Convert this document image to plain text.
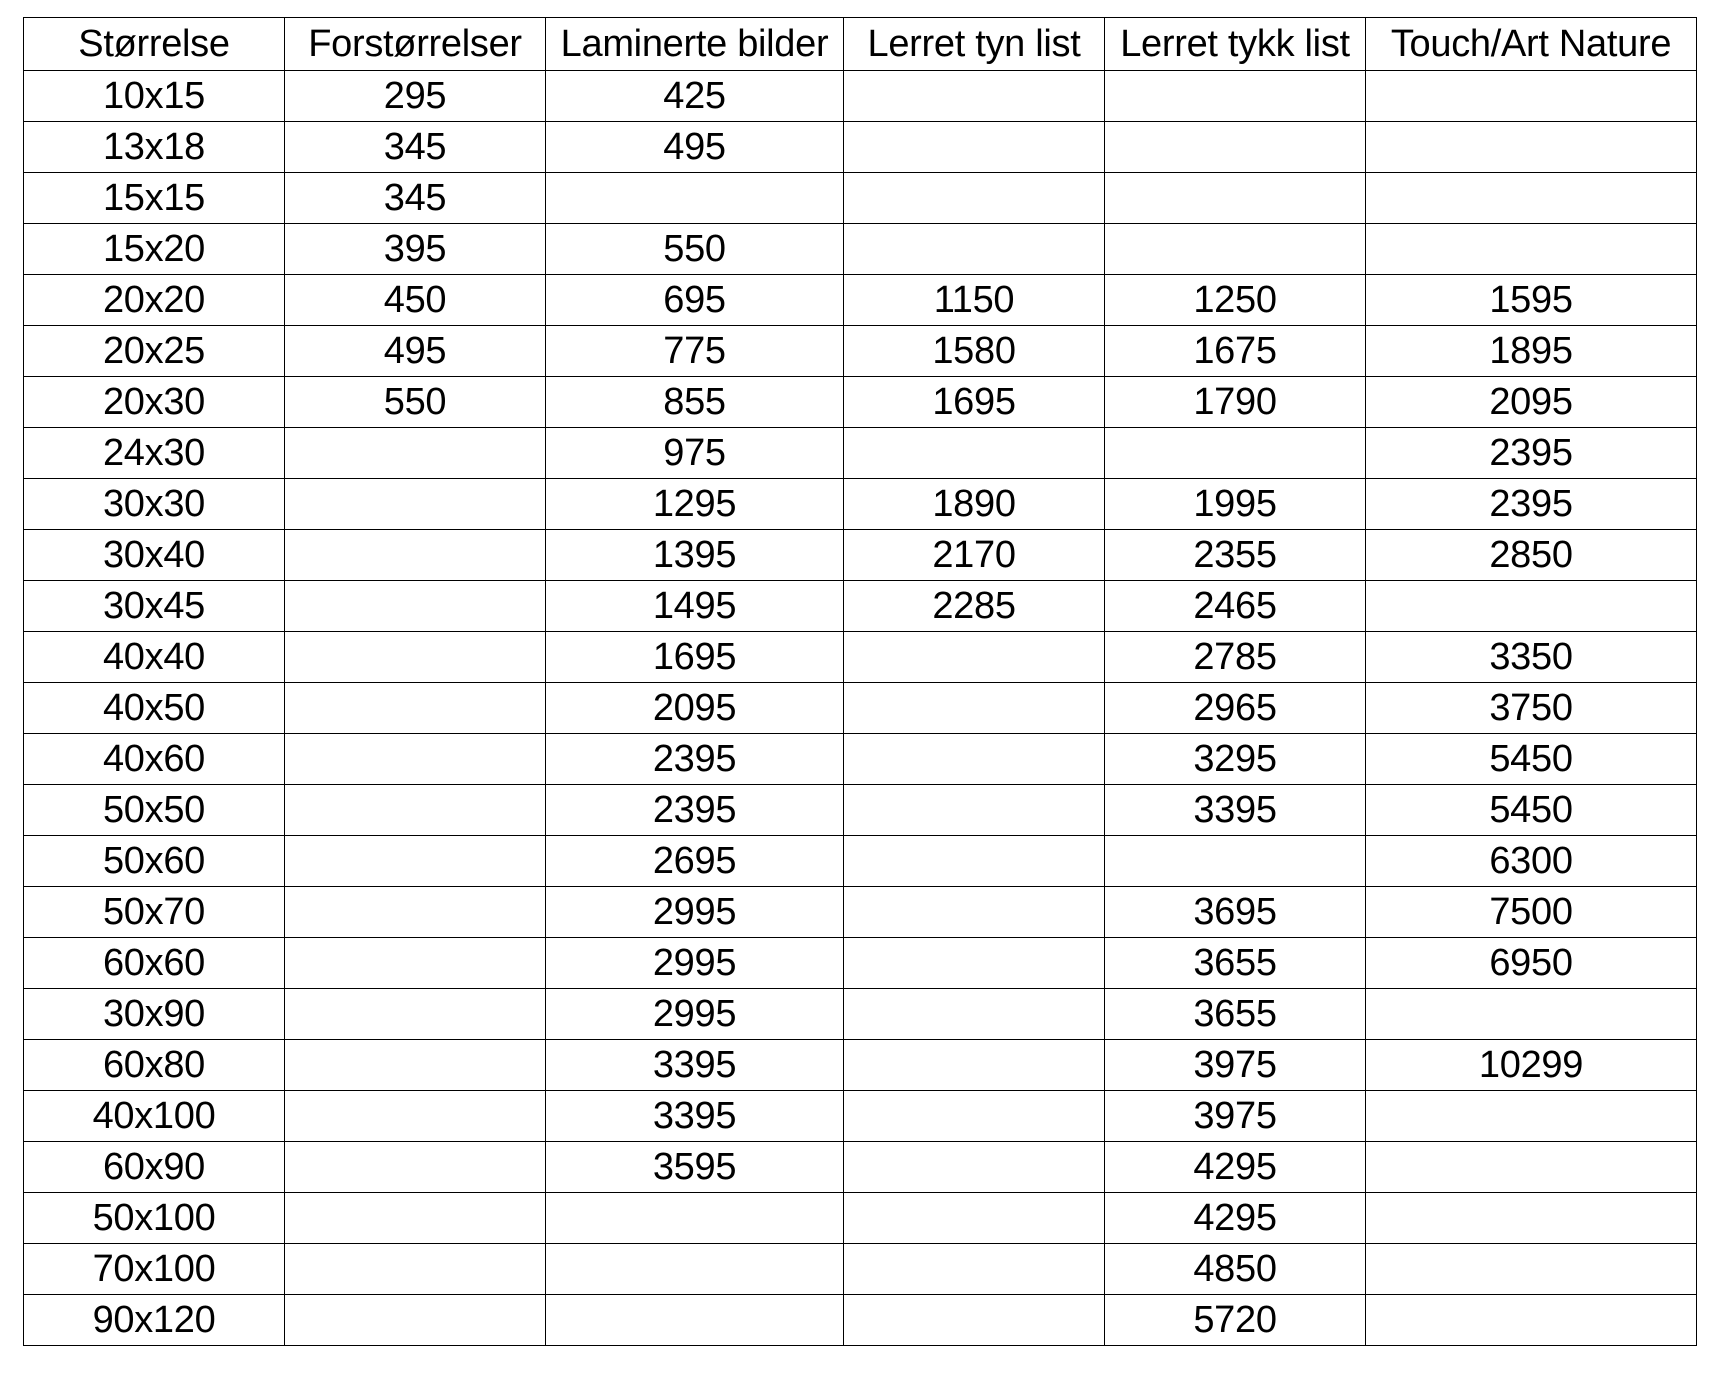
Størrelse	Forstørrelser	Laminerte bilder	Lerret tyn list	Lerret tykk list	Touch/Art Nature
10x15	295	425			
13x18	345	495			
15x15	345				
15x20	395	550			
20x20	450	695	1150	1250	1595
20x25	495	775	1580	1675	1895
20x30	550	855	1695	1790	2095
24x30		975			2395
30x30		1295	1890	1995	2395
30x40		1395	2170	2355	2850
30x45		1495	2285	2465	
40x40		1695		2785	3350
40x50		2095		2965	3750
40x60		2395		3295	5450
50x50		2395		3395	5450
50x60		2695			6300
50x70		2995		3695	7500
60x60		2995		3655	6950
30x90		2995		3655	
60x80		3395		3975	10299
40x100		3395		3975	
60x90		3595		4295	
50x100				4295	
70x100				4850	
90x120				5720	
